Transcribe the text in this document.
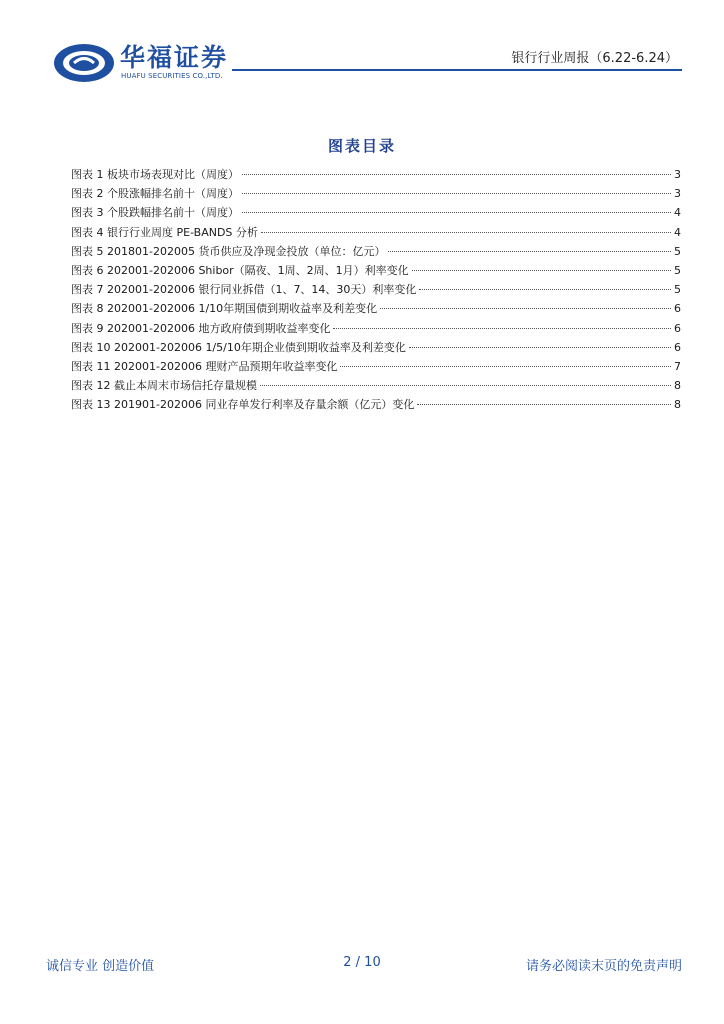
华福证券
HUAFU SECURITIES CO.,LTD.
银行行业周报（6.22-6.24）
图表目录
图表 1 板块市场表现对比（周度）	3
图表 2 个股涨幅排名前十（周度）	3
图表 3 个股跌幅排名前十（周度）	4
图表 4 银行行业周度 PE-BANDS 分析	4
图表 5 201801-202005 货币供应及净现金投放（单位：亿元）	5
图表 6 202001-202006 Shibor（隔夜、1周、2周、1月）利率变化	5
图表 7 202001-202006 银行同业拆借（1、7、14、30天）利率变化	5
图表 8 202001-202006 1/10年期国债到期收益率及利差变化	6
图表 9 202001-202006 地方政府债到期收益率变化	6
图表 10 202001-202006 1/5/10年期企业债到期收益率及利差变化	6
图表 11 202001-202006 理财产品预期年收益率变化	7
图表 12 截止本周末市场信托存量规模	8
图表 13 201901-202006 同业存单发行利率及存量余额（亿元）变化	8
诚信专业 创造价值	2 / 10	请务必阅读末页的免责声明
